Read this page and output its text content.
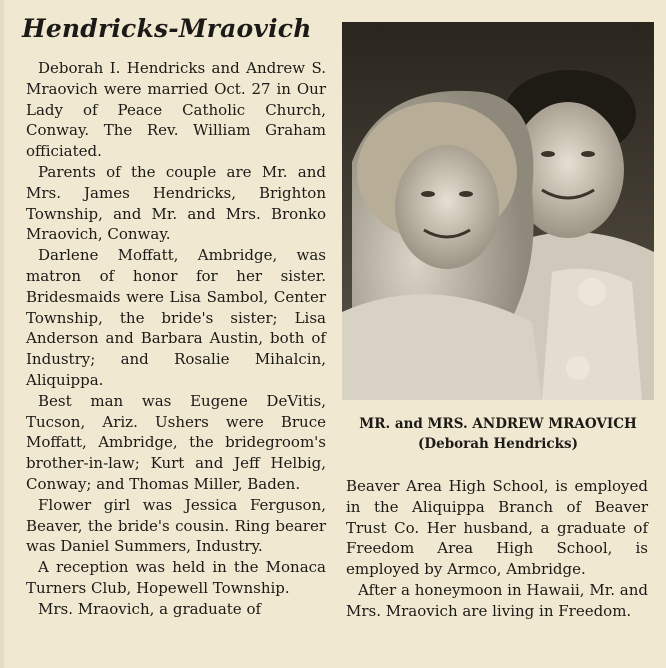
Hendricks-Mraovich

Deborah I. Hendricks and Andrew S. Mraovich were married Oct. 27 in Our Lady of Peace Catholic Church, Conway. The Rev. William Graham officiated.

Parents of the couple are Mr. and Mrs. James Hendricks, Brighton Township, and Mr. and Mrs. Bronko Mraovich, Conway.

Darlene Moffatt, Ambridge, was matron of honor for her sister. Bridesmaids were Lisa Sambol, Center Township, the bride's sister; Lisa Anderson and Barbara Austin, both of Industry; and Rosalie Mihalcin, Aliquippa.

Best man was Eugene DeVitis, Tucson, Ariz. Ushers were Bruce Moffatt, Ambridge, the bridegroom's brother-in-law; Kurt and Jeff Helbig, Conway; and Thomas Miller, Baden.

Flower girl was Jessica Ferguson, Beaver, the bride's cousin. Ring bearer was Daniel Summers, Industry.

A reception was held in the Monaca Turners Club, Hopewell Township.

Mrs. Mraovich, a graduate of

MR. and MRS. ANDREW MRAOVICH
(Deborah Hendricks)

Beaver Area High School, is employed in the Aliquippa Branch of Beaver Trust Co. Her husband, a graduate of Freedom Area High School, is employed by Armco, Ambridge.

After a honeymoon in Hawaii, Mr. and Mrs. Mraovich are living in Freedom.
